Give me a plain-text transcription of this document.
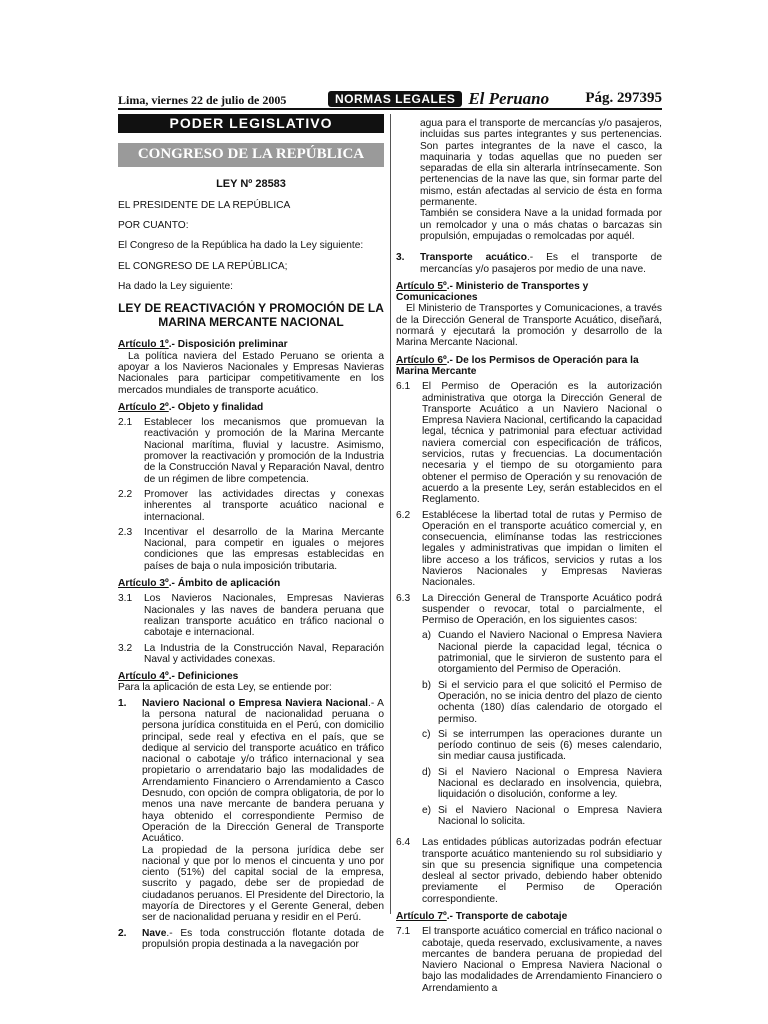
Lima, viernes 22 de julio de 2005	NORMAS LEGALES El Peruano Pág. 297395
PODER LEGISLATIVO
CONGRESO DE LA REPÚBLICA
LEY Nº 28583
EL PRESIDENTE DE LA REPÚBLICA
POR CUANTO:
El Congreso de la República ha dado la Ley siguiente:
EL CONGRESO DE LA REPÚBLICA;
Ha dado la Ley siguiente:
LEY DE REACTIVACIÓN Y PROMOCIÓN DE LA MARINA MERCANTE NACIONAL
Artículo 1º.- Disposición preliminar
La política naviera del Estado Peruano se orienta a apoyar a los Navieros Nacionales y Empresas Navieras Nacionales para participar competitivamente en los mercados mundiales de transporte acuático.
Artículo 2º.- Objeto y finalidad
2.1	Establecer los mecanismos que promuevan la reactivación y promoción de la Marina Mercante Nacional marítima, fluvial y lacustre. Asimismo, promover la reactivación y promoción de la Industria de la Construcción Naval y Reparación Naval, dentro de un régimen de libre competencia.
2.2	Promover las actividades directas y conexas inherentes al transporte acuático nacional e internacional.
2.3	Incentivar el desarrollo de la Marina Mercante Nacional, para competir en iguales o mejores condiciones que las empresas establecidas en países de baja o nula imposición tributaria.
Artículo 3º.- Ámbito de aplicación
3.1	Los Navieros Nacionales, Empresas Navieras Nacionales y las naves de bandera peruana que realizan transporte acuático en tráfico nacional o cabotaje e internacional.
3.2	La Industria de la Construcción Naval, Reparación Naval y actividades conexas.
Artículo 4º.- Definiciones
Para la aplicación de esta Ley, se entiende por:
1.	Naviero Nacional o Empresa Naviera Nacional.- A la persona natural de nacionalidad peruana o persona jurídica constituida en el Perú, con domicilio principal, sede real y efectiva en el país, que se dedique al servicio del transporte acuático en tráfico nacional o cabotaje y/o tráfico internacional y sea propietario o arrendatario bajo las modalidades de Arrendamiento Financiero o Arrendamiento a Casco Desnudo, con opción de compra obligatoria, de por lo menos una nave mercante de bandera peruana y haya obtenido el correspondiente Permiso de Operación de la Dirección General de Transporte Acuático.
La propiedad de la persona jurídica debe ser nacional y que por lo menos el cincuenta y uno por ciento (51%) del capital social de la empresa, suscrito y pagado, debe ser de propiedad de ciudadanos peruanos. El Presidente del Directorio, la mayoría de Directores y el Gerente General, deben ser de nacionalidad peruana y residir en el Perú.
2.	Nave.- Es toda construcción flotante dotada de propulsión propia destinada a la navegación por
agua para el transporte de mercancías y/o pasajeros, incluidas sus partes integrantes y sus pertenencias. Son partes integrantes de la nave el casco, la maquinaria y todas aquellas que no pueden ser separadas de ella sin alterarla intrínsecamente. Son pertenencias de la nave las que, sin formar parte del mismo, están afectadas al servicio de ésta en forma permanente.
También se considera Nave a la unidad formada por un remolcador y una o más chatas o barcazas sin propulsión, empujadas o remolcadas por aquél.
3.	Transporte acuático.- Es el transporte de mercancías y/o pasajeros por medio de una nave.
Artículo 5º.- Ministerio de Transportes y Comunicaciones
El Ministerio de Transportes y Comunicaciones, a través de la Dirección General de Transporte Acuático, diseñará, normará y ejecutará la promoción y desarrollo de la Marina Mercante Nacional.
Artículo 6º.- De los Permisos de Operación para la Marina Mercante
6.1	El Permiso de Operación es la autorización administrativa que otorga la Dirección General de Transporte Acuático a un Naviero Nacional o Empresa Naviera Nacional, certificando la capacidad legal, técnica y patrimonial para efectuar actividad naviera comercial con especificación de tráficos, servicios, rutas y frecuencias. La documentación necesaria y el tiempo de su otorgamiento para obtener el permiso de Operación y su renovación de acuerdo a la presente Ley, serán establecidos en el Reglamento.
6.2	Establécese la libertad total de rutas y Permiso de Operación en el transporte acuático comercial y, en consecuencia, elimínanse todas las restricciones legales y administrativas que impidan o limiten el libre acceso a los tráficos, servicios y rutas a los Navieros Nacionales y Empresas Navieras Nacionales.
6.3	La Dirección General de Transporte Acuático podrá suspender o revocar, total o parcialmente, el Permiso de Operación, en los siguientes casos:
a) Cuando el Naviero Nacional o Empresa Naviera Nacional pierde la capacidad legal, técnica o patrimonial, que le sirvieron de sustento para el otorgamiento del Permiso de Operación.
b) Si el servicio para el que solicitó el Permiso de Operación, no se inicia dentro del plazo de ciento ochenta (180) días calendario de otorgado el permiso.
c) Si se interrumpen las operaciones durante un período continuo de seis (6) meses calendario, sin mediar causa justificada.
d) Si el Naviero Nacional o Empresa Naviera Nacional es declarado en insolvencia, quiebra, liquidación o disolución, conforme a ley.
e) Si el Naviero Nacional o Empresa Naviera Nacional lo solicita.
6.4	Las entidades públicas autorizadas podrán efectuar transporte acuático manteniendo su rol subsidiario y sin que su presencia signifique una competencia desleal al sector privado, debiendo haber obtenido previamente el Permiso de Operación correspondiente.
Artículo 7º.- Transporte de cabotaje
7.1	El transporte acuático comercial en tráfico nacional o cabotaje, queda reservado, exclusivamente, a naves mercantes de bandera peruana de propiedad del Naviero Nacional o Empresa Naviera Nacional o bajo las modalidades de Arrendamiento Financiero o Arrendamiento a
